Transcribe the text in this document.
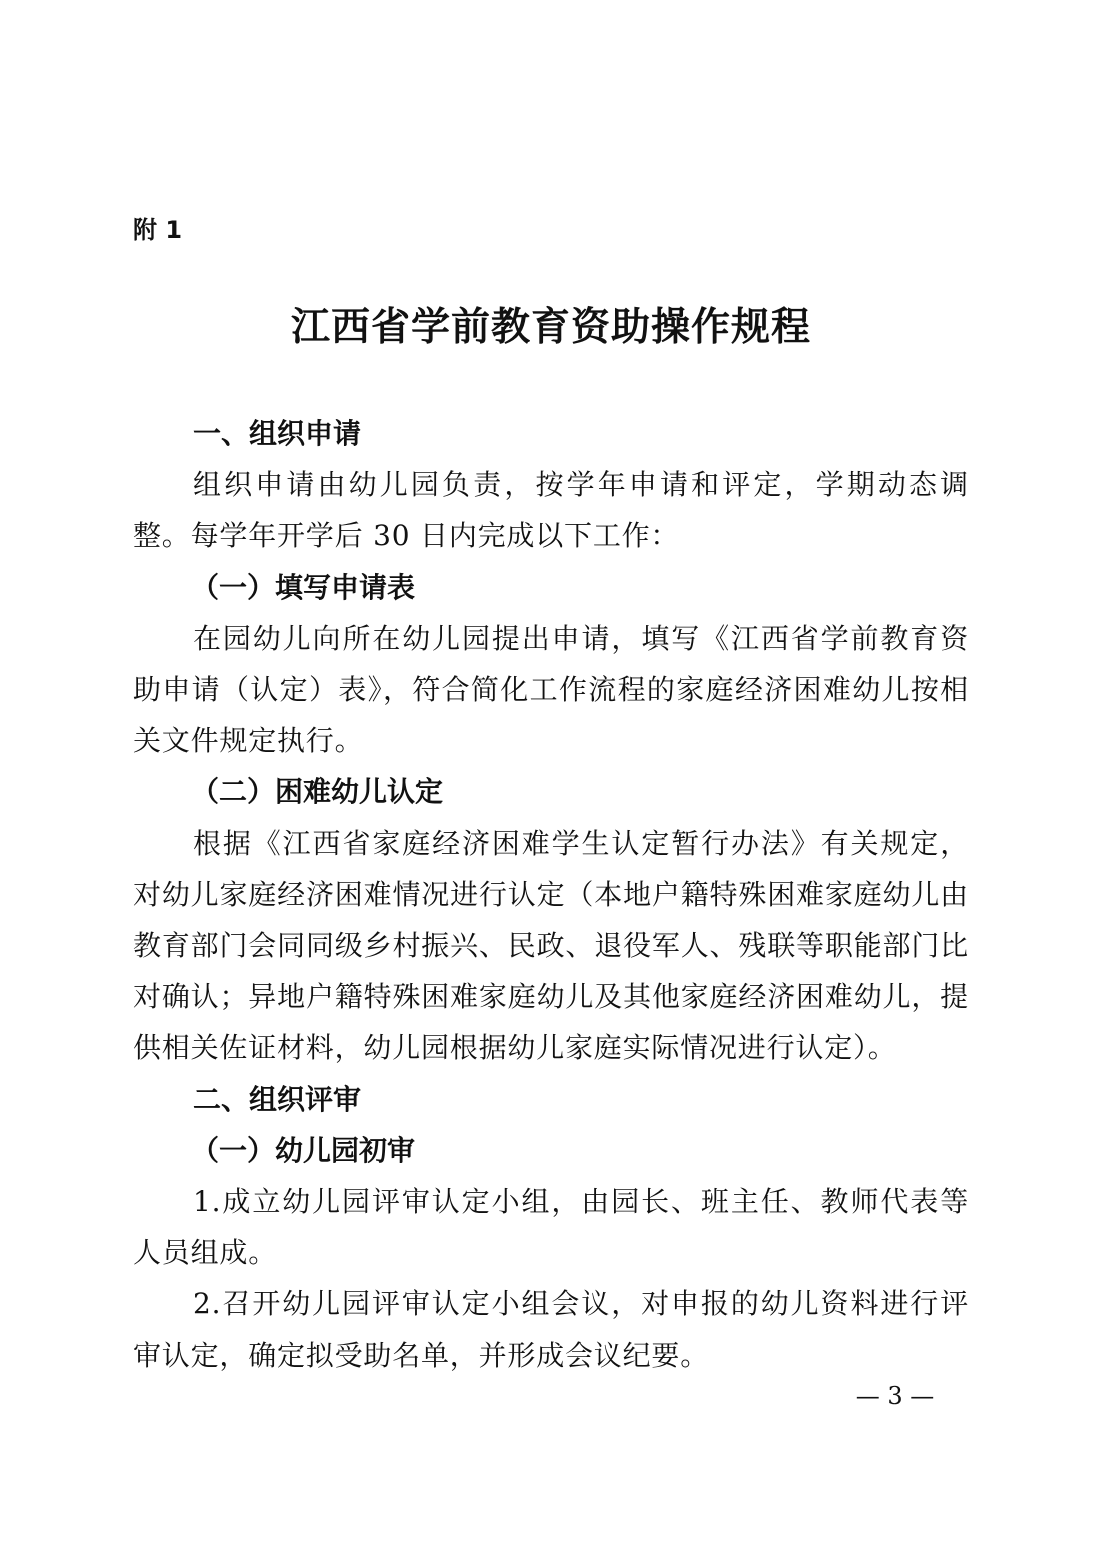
附 1

江西省学前教育资助操作规程
一、组织申请

组织申请由幼儿园负责，按学年申请和评定，学期动态调整。每学年开学后 30 日内完成以下工作：

（一）填写申请表

在园幼儿向所在幼儿园提出申请，填写《江西省学前教育资助申请（认定）表》，符合简化工作流程的家庭经济困难幼儿按相关文件规定执行。

（二）困难幼儿认定

根据《江西省家庭经济困难学生认定暂行办法》有关规定，对幼儿家庭经济困难情况进行认定（本地户籍特殊困难家庭幼儿由教育部门会同同级乡村振兴、民政、退役军人、残联等职能部门比对确认；异地户籍特殊困难家庭幼儿及其他家庭经济困难幼儿，提供相关佐证材料，幼儿园根据幼儿家庭实际情况进行认定）。

二、组织评审
（一）幼儿园初审

1.成立幼儿园评审认定小组，由园长、班主任、教师代表等人员组成。

2.召开幼儿园评审认定小组会议，对申报的幼儿资料进行评审认定，确定拟受助名单，并形成会议纪要。

— 3 —
